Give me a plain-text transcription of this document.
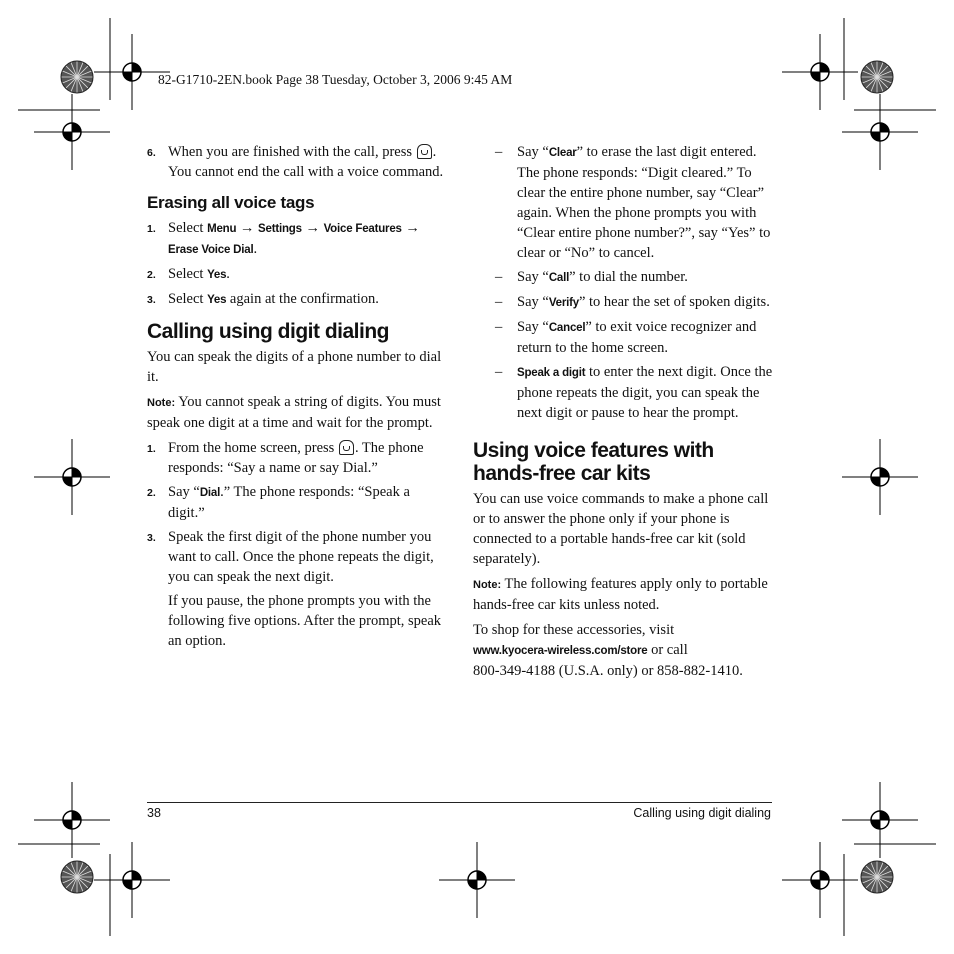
82-G1710-2EN.book Page 38 Tuesday, October 3, 2006 9:45 AM
6. When you are finished with the call, press . You cannot end the call with a voice command.
Erasing all voice tags
1. Select Menu → Settings → Voice Features → Erase Voice Dial.
2. Select Yes.
3. Select Yes again at the confirmation.
Calling using digit dialing
You can speak the digits of a phone number to dial it.
Note: You cannot speak a string of digits. You must speak one digit at a time and wait for the prompt.
1. From the home screen, press . The phone responds: “Say a name or say Dial.”
2. Say “Dial.” The phone responds: “Speak a digit.”
3. Speak the first digit of the phone number you want to call. Once the phone repeats the digit, you can speak the next digit.
If you pause, the phone prompts you with the following five options. After the prompt, speak an option.
– Say “Clear” to erase the last digit entered. The phone responds: “Digit cleared.” To clear the entire phone number, say “Clear” again. When the phone prompts you with “Clear entire phone number?”, say “Yes” to clear or “No” to cancel.
– Say “Call” to dial the number.
– Say “Verify” to hear the set of spoken digits.
– Say “Cancel” to exit voice recognizer and return to the home screen.
– Speak a digit to enter the next digit. Once the phone repeats the digit, you can speak the next digit or pause to hear the prompt.
Using voice features with
hands-free car kits
You can use voice commands to make a phone call or to answer the phone only if your phone is connected to a portable hands-free car kit (sold separately).
Note: The following features apply only to portable hands-free car kits unless noted.
To shop for these accessories, visit
www.kyocera-wireless.com/store or call
800-349-4188 (U.S.A. only) or 858-882-1410.
38	Calling using digit dialing
